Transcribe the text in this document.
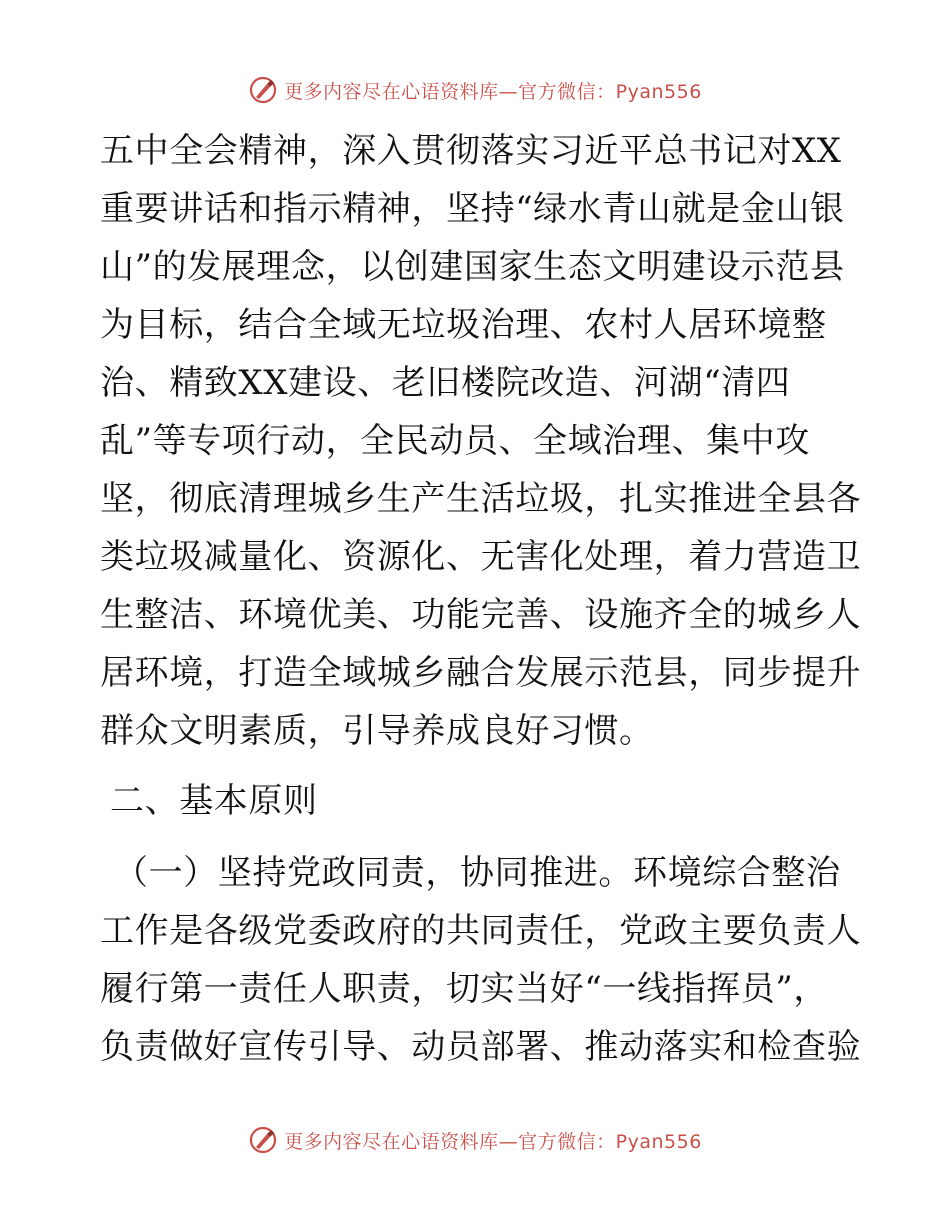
更多内容尽在心语资料库—官方微信：Pyan556
五中全会精神，深入贯彻落实习近平总书记对XX
重要讲话和指示精神，坚持“绿水青山就是金山银
山”的发展理念，以创建国家生态文明建设示范县
为目标，结合全域无垃圾治理、农村人居环境整
治、精致XX建设、老旧楼院改造、河湖“清四
乱”等专项行动，全民动员、全域治理、集中攻
坚，彻底清理城乡生产生活垃圾，扎实推进全县各
类垃圾减量化、资源化、无害化处理，着力营造卫
生整洁、环境优美、功能完善、设施齐全的城乡人
居环境，打造全域城乡融合发展示范县，同步提升
群众文明素质，引导养成良好习惯。
二、基本原则
（一）坚持党政同责，协同推进。环境综合整治
工作是各级党委政府的共同责任，党政主要负责人
履行第一责任人职责，切实当好“一线指挥员”，
负责做好宣传引导、动员部署、推动落实和检查验
更多内容尽在心语资料库—官方微信：Pyan556
